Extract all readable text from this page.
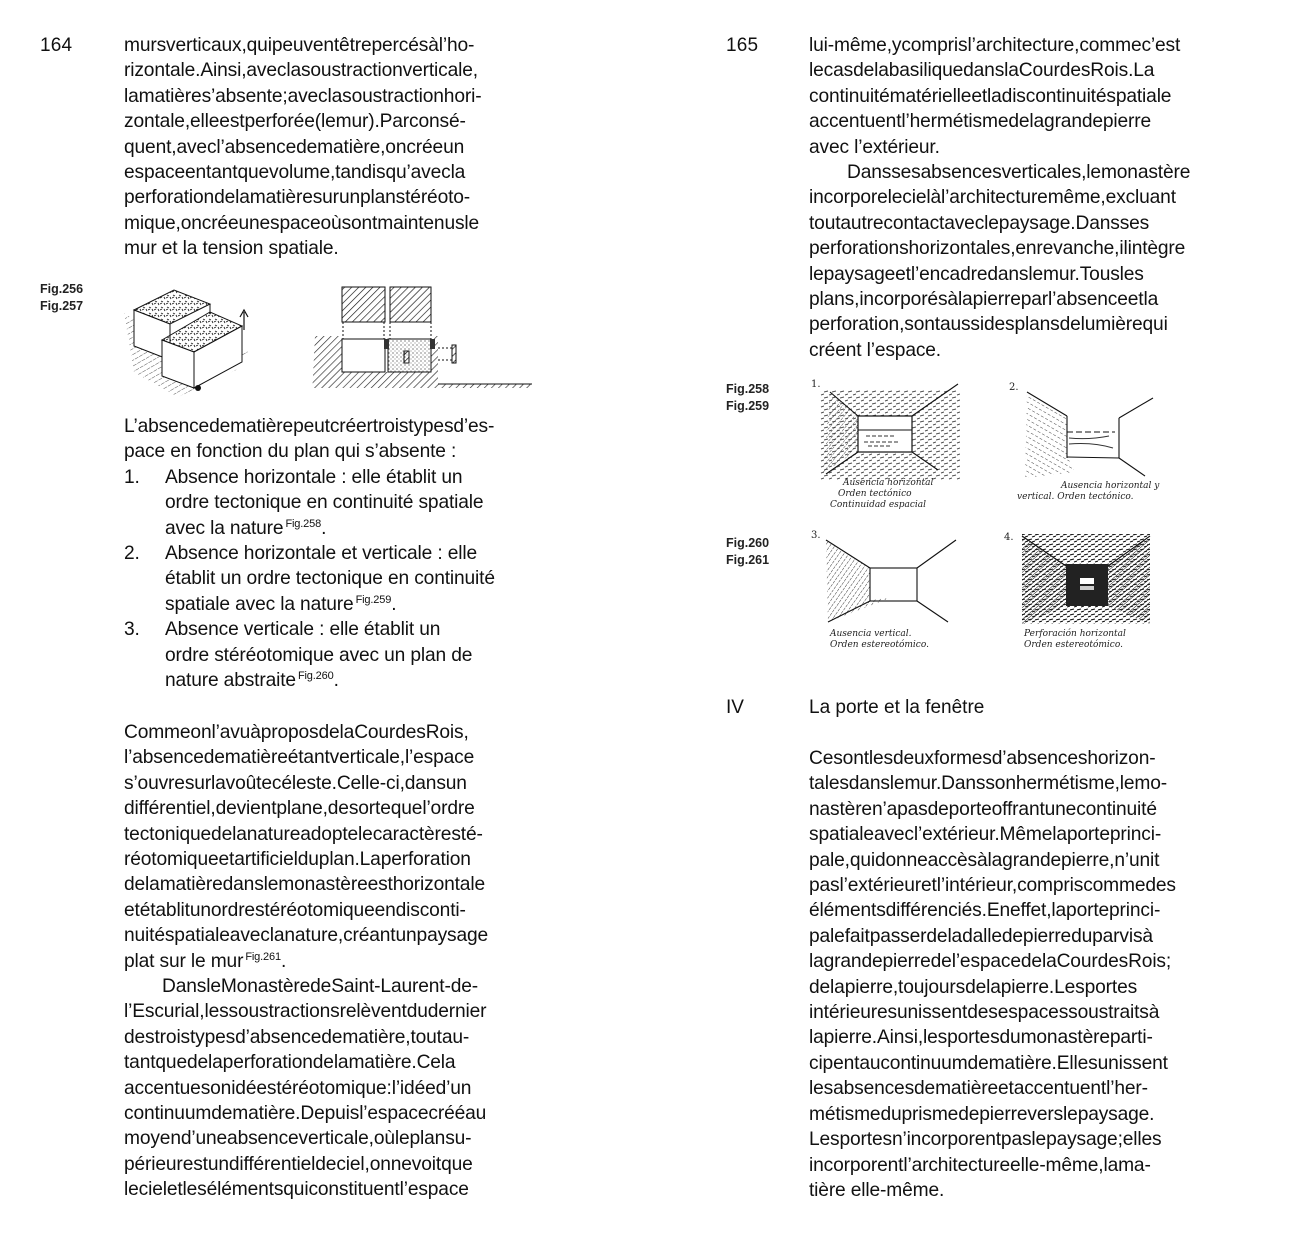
164	mursverticaux,quipeuventêtrepercésàl’ho-
rizontale.Ainsi,aveclasoustractionverticale,
lamatières’absente;aveclasoustractionhori-
zontale,elleestperforée(lemur).Parconsé-
quent,avecl’absencedematière,oncréeun
espaceentantquevolume,tandisqu’avecla
perforationdelamatièresurunplanstéréoto-
mique,oncréeunespaceoùsontmaintenusle
mur et la tension spatiale.
Fig.256
Fig.257
L’absencedematièrepeutcréertroistypesd’es-
pace en fonction du plan qui s’absente :
1. Absence horizontale : elle établit un
ordre tectonique en continuité spatiale
avec la nature $^{Fig.258}$.
2. Absence horizontale et verticale : elle
établit un ordre tectonique en continuité
spatiale avec la nature $^{Fig.259}$.
3. Absence verticale : elle établit un
ordre stéréotomique avec un plan de
nature abstraite $^{Fig.260}$.
Commeonl’avuàproposdelaCourdesRois,
l’absencedematièreétantverticale,l’espace
s’ouvresurlavoûtecéleste.Celle-ci,dansun
différentiel,devientplane,desortequel’ordre
tectoniquedelanatureadoptelecaractèresté-
réotomiqueetartificielduplan.Laperforation
delamatièredanslemonastèreesthorizontale
etétablitunordrestéréotomiqueendisconti-
nuitéspatialeaveclanature,créantunpaysage
plat sur le mur $^{Fig.261}$.
DansleMonastèredeSaint-Laurent-de-
l’Escurial,lessoustractionsrelèventdudernier
destroistypesd’absencedematière,toutau-
tantquedelaperforationdelamatière.Cela
accentuesonidéestéréotomique:l’idéed’un
continuumdematière.Depuisl’espacecrééau
moyend’uneabsenceverticale,oùleplansu-
périeurestundifférentieldeciel,onnevoitque
lecieletlesélémentsquiconstituentl’espace
165	lui-même,ycomprisl’architecture,commec’est
lecasdelabasiliquedanslaCourdesRois.La
continuitématérielleetladiscontinuitéspatiale
accentuentl’hermétismedelagrandepierre
avec l’extérieur.
Danssesabsencesverticales,lemonastère
incorporelecielàl’architecturemême,excluant
toutautrecontactaveclepaysage.Dansses
perforationshorizontales,enrevanche,ilintègre
lepaysageetl’encadredanslemur.Tousles
plans,incorporésàlapierreparl’absenceetla
perforation,sontaussidesplansdelumièrequi
créent l’espace.
Fig.258
Fig.259
1.
Ausencia horizontal
Orden tectónico
Continuidad espacial
2.
Ausencia horizontal y
vertical. Orden tectónico.
Fig.260
Fig.261
3.
Ausencia vertical.
Orden estereotómico.
4.
Perforación horizontal
Orden estereotómico.
IV	La porte et la fenêtre
Cesontlesdeuxformesd’absenceshorizon-
talesdanslemur.Danssonhermétisme,lemo-
nastèren’apasdeporteoffrantunecontinuité
spatialeavecl’extérieur.Mêmelaporteprinci-
pale,quidonneaccèsàlagrandepierre,n’unit
pasl’extérieuretl’intérieur,compriscommedes
élémentsdifférenciés.Eneffet,laporteprinci-
palefaitpasserdeladalledepierreduparvisà
lagrandepierredel’espacedelaCourdesRois;
delapierre,toujoursdelapierre.Lesportes
intérieuresunissentdesespacessoustraitsà
lapierre.Ainsi,lesportesdumonastèreparti-
cipentaucontinuumdematière.Ellesunissent
lesabsencesdematièreetaccentuentl’her-
métismeduprismedepierreverslepaysage.
Lesportesn’incorporentpaslepaysage;elles
incorporentl’architectureelle-même,lama-
tière elle-même.
